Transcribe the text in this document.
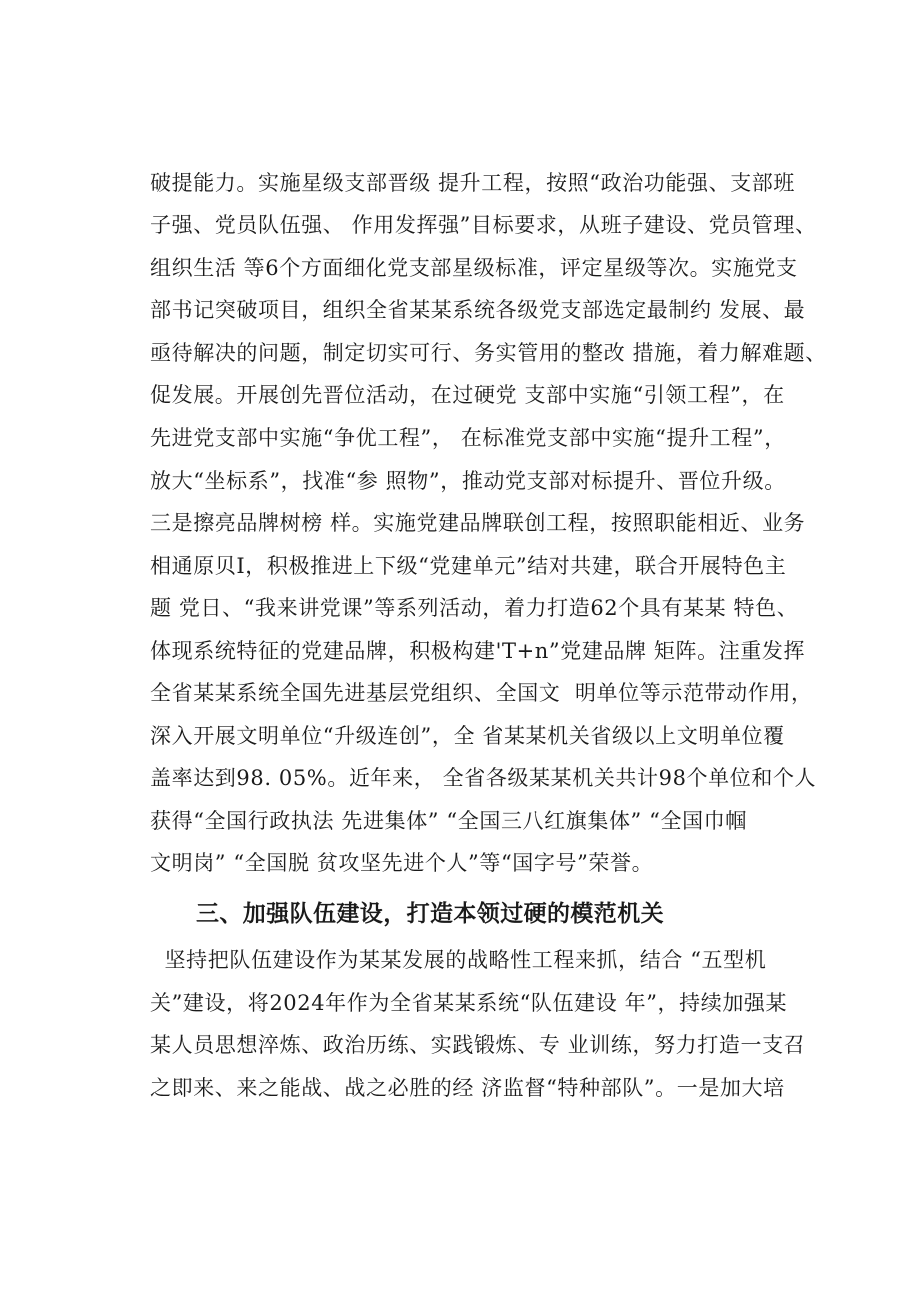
破提能力。实施星级支部晋级 提升工程，按照“政治功能强、支部班
子强、党员队伍强、 作用发挥强”目标要求，从班子建设、党员管理、
组织生活 等6个方面细化党支部星级标准，评定星级等次。实施党支
部书记突破项目，组织全省某某系统各级党支部选定最制约 发展、最
亟待解决的问题，制定切实可行、务实管用的整改 措施，着力解难题、
促发展。开展创先晋位活动，在过硬党 支部中实施“引领工程”，在
先进党支部中实施“争优工程”， 在标准党支部中实施“提升工程”，
放大“坐标系”，找准“参 照物”，推动党支部对标提升、晋位升级。
三是擦亮品牌树榜 样。实施党建品牌联创工程，按照职能相近、业务
相通原贝I，积极推进上下级“党建单元”结对共建，联合开展特色主
题 党日、“我来讲党课”等系列活动，着力打造62个具有某某 特色、
体现系统特征的党建品牌，积极构建'T+n”党建品牌 矩阵。注重发挥
全省某某系统全国先进基层党组织、全国文  明单位等示范带动作用，
深入开展文明单位“升级连创”，全 省某某机关省级以上文明单位覆
盖率达到98. 05%。近年来， 全省各级某某机关共计98个单位和个人
获得“全国行政执法 先进集体” “全国三八红旗集体” “全国巾帼
文明岗” “全国脱 贫攻坚先进个人”等“国字号”荣誉。
三、加强队伍建设，打造本领过硬的模范机关
坚持把队伍建设作为某某发展的战略性工程来抓，结合 “五型机
关”建设，将2024年作为全省某某系统“队伍建设 年”，持续加强某
某人员思想淬炼、政治历练、实践锻炼、专 业训练，努力打造一支召
之即来、来之能战、战之必胜的经 济监督“特种部队”。一是加大培
